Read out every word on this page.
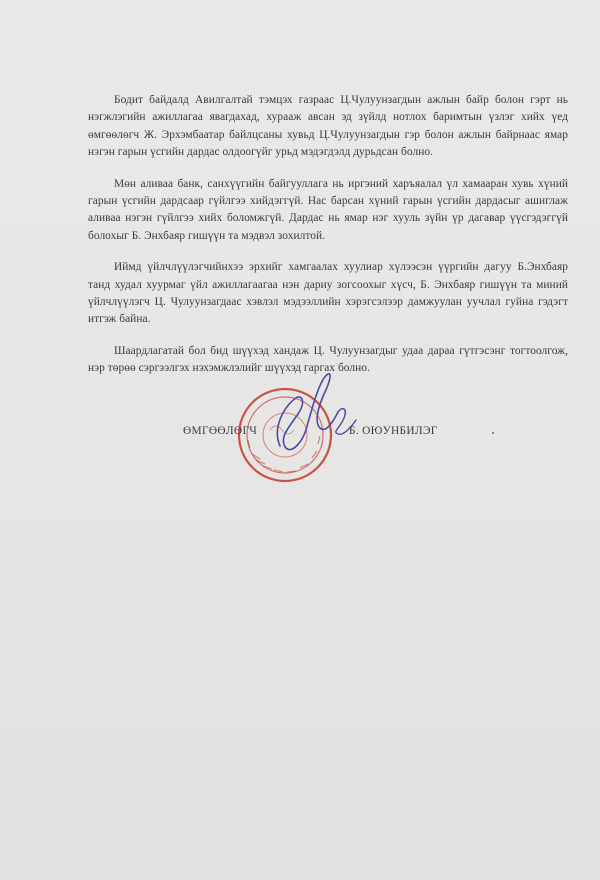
Бодит байдалд Авилгалтай тэмцэх газраас Ц.Чулуунзагдын ажлын байр болон гэрт нь
нэгжлэгийн ажиллагаа явагдахад, хурааж авсан эд зүйлд нотлох баримтын үзлэг хийх үед
өмгөөлөгч Ж. Эрхэмбаатар байлцсаны хувьд Ц.Чулуунзагдын гэр болон ажлын байрнаас ямар
нэгэн гарын үсгийн дардас олдоогүйг урьд мэдэгдэлд дурьдсан болно.

Мөн аливаа банк, санхүүгийн байгууллага нь иргэний харъяалал үл хамааран хувь хүний
гарын үсгийн дардсаар гүйлгээ хийдэггүй. Нас барсан хүний гарын үсгийн дардасыг ашиглаж
аливаа нэгэн гүйлгээ хийх боломжгүй. Дардас нь ямар нэг хууль зүйн үр дагавар үүсгэдэггүй
болохыг Б. Энхбаяр гишүүн та мэдвэл зохилтой.

Иймд үйлчлүүлэгчийнхээ эрхийг хамгаалах хуулиар хүлээсэн үүргийн дагуу Б.Энхбаяр
танд худал хуурмаг үйл ажиллагаагаа нэн дариу зогсоохыг хүсч, Б. Энхбаяр гишүүн та миний
үйлчлүүлэгч Ц. Чулуунзагдаас хэвлэл мэдээллийн хэрэгсэлээр дамжуулан уучлал гуйна гэдэгт
итгэж байна.

Шаардлагатай бол бид шүүхэд хандаж Ц. Чулуунзагдыг удаа дараа гүтгэсэнг тогтоолгож,
нэр төрөө сэргээлгэх нэхэмжлэлийг шүүхэд гаргах болно.

ӨМГӨӨЛӨГЧ	Б. ОЮУНБИЛЭГ
